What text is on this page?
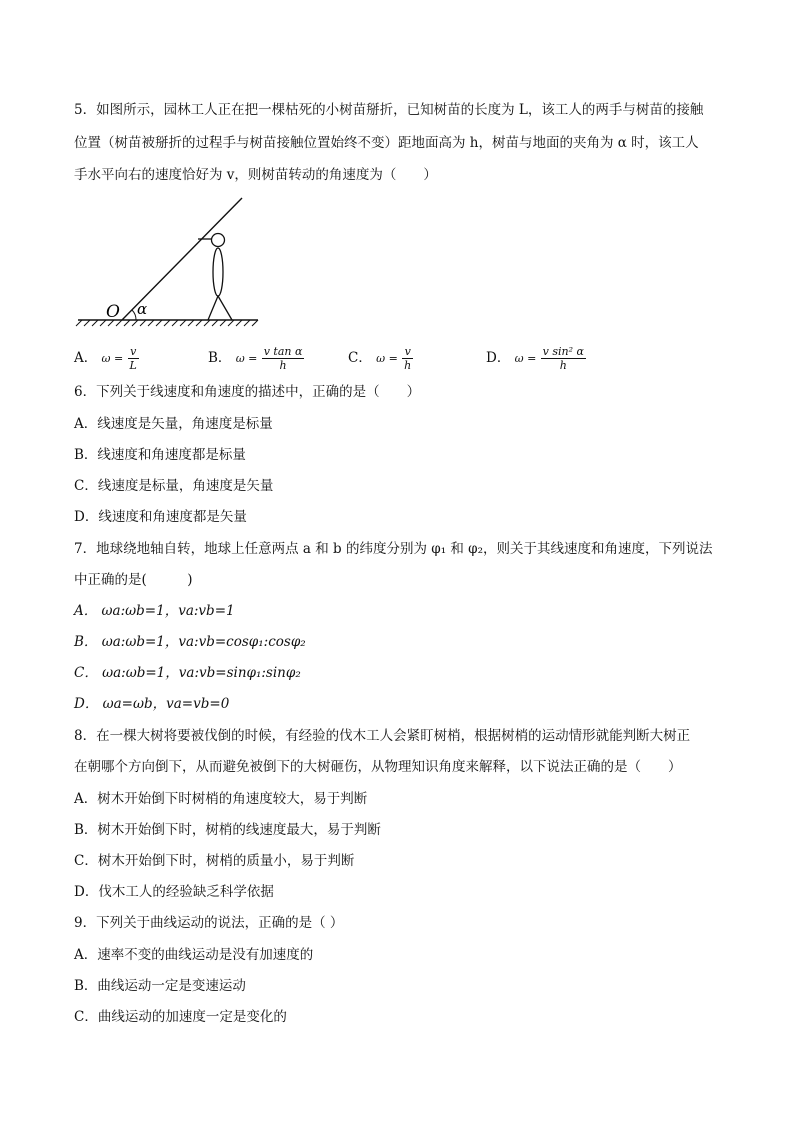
5．如图所示，园林工人正在把一棵枯死的小树苗掰折，已知树苗的长度为 L，该工人的两手与树苗的接触
位置（树苗被掰折的过程手与树苗接触位置始终不变）距地面高为 h，树苗与地面的夹角为 α 时，该工人
手水平向右的速度恰好为 v，则树苗转动的角速度为（　　）
O α
A． $\omega = \frac{v}{L}$	B． $\omega = \frac{\text{v tan α}}{h}$	C． $\omega = \frac{v}{h}$	D． $\omega = \frac{\text{v sin² α}}{h}$
6．下列关于线速度和角速度的描述中，正确的是（　　）
A．线速度是矢量，角速度是标量
B．线速度和角速度都是标量
C．线速度是标量，角速度是矢量
D．线速度和角速度都是矢量
7．地球绕地轴自转，地球上任意两点 a 和 b 的纬度分别为 φ₁ 和 φ₂，则关于其线速度和角速度，下列说法
中正确的是(　　　)
A． ωa:ωb=1，va:vb=1
B． ωa:ωb=1，va:vb=cosφ₁:cosφ₂
C． ωa:ωb=1，va:vb=sinφ₁:sinφ₂
D． ωa=ωb，va=vb=0
8．在一棵大树将要被伐倒的时候，有经验的伐木工人会紧盯树梢，根据树梢的运动情形就能判断大树正
在朝哪个方向倒下，从而避免被倒下的大树砸伤，从物理知识角度来解释，以下说法正确的是（　　）
A．树木开始倒下时树梢的角速度较大，易于判断
B．树木开始倒下时，树梢的线速度最大，易于判断
C．树木开始倒下时，树梢的质量小，易于判断
D．伐木工人的经验缺乏科学依据
9．下列关于曲线运动的说法，正确的是（ ）
A．速率不变的曲线运动是没有加速度的
B．曲线运动一定是变速运动
C．曲线运动的加速度一定是变化的
